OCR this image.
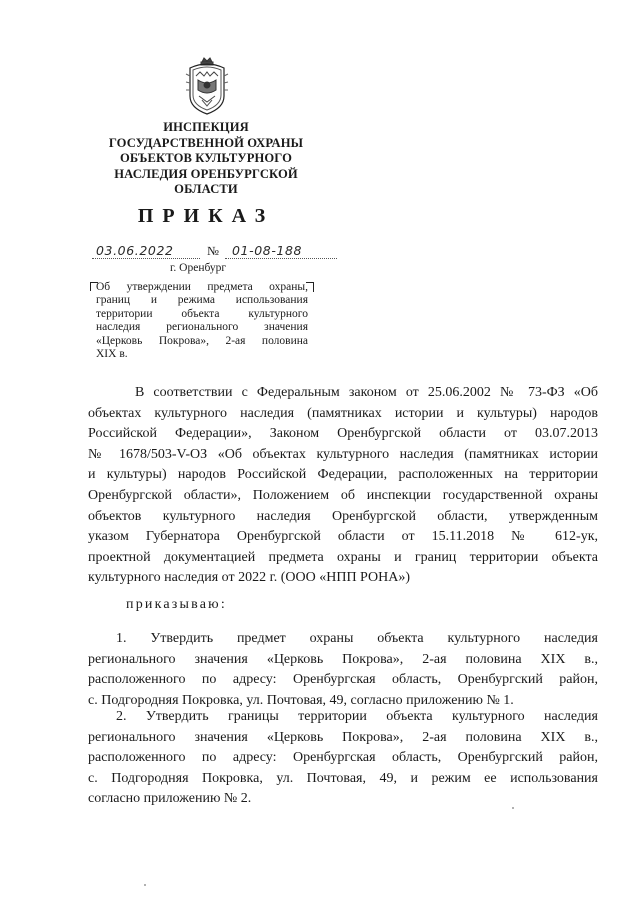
ИНСПЕКЦИЯ
ГОСУДАРСТВЕННОЙ ОХРАНЫ
ОБЪЕКТОВ КУЛЬТУРНОГО
НАСЛЕДИЯ ОРЕНБУРГСКОЙ
ОБЛАСТИ
ПРИКАЗ
03.06.2022	№ 01-08-188
г. Оренбург
Об утверждении предмета охраны,
границ и режима использования
территории объекта культурного
наследия регионального значения
«Церковь Покрова», 2-ая половина
XIX в.
В соответствии с Федеральным законом от 25.06.2002 № 73-ФЗ «Об
объектах культурного наследия (памятниках истории и культуры) народов
Российской Федерации», Законом Оренбургской области от 03.07.2013
№ 1678/503-V-ОЗ «Об объектах культурного наследия (памятниках истории
и культуры) народов Российской Федерации, расположенных на территории
Оренбургской области», Положением об инспекции государственной охраны
объектов культурного наследия Оренбургской области, утвержденным
указом Губернатора Оренбургской области от 15.11.2018 № 612-ук,
проектной документацией предмета охраны и границ территории объекта
культурного наследия от 2022 г. (ООО «НПП РОНА»)
приказываю:
1. Утвердить предмет охраны объекта культурного наследия
регионального значения «Церковь Покрова», 2-ая половина XIX в.,
расположенного по адресу: Оренбургская область, Оренбургский район,
с. Подгородняя Покровка, ул. Почтовая, 49, согласно приложению № 1.
2. Утвердить границы территории объекта культурного наследия
регионального значения «Церковь Покрова», 2-ая половина XIX в.,
расположенного по адресу: Оренбургская область, Оренбургский район,
с. Подгородняя Покровка, ул. Почтовая, 49, и режим ее использования
согласно приложению № 2.
